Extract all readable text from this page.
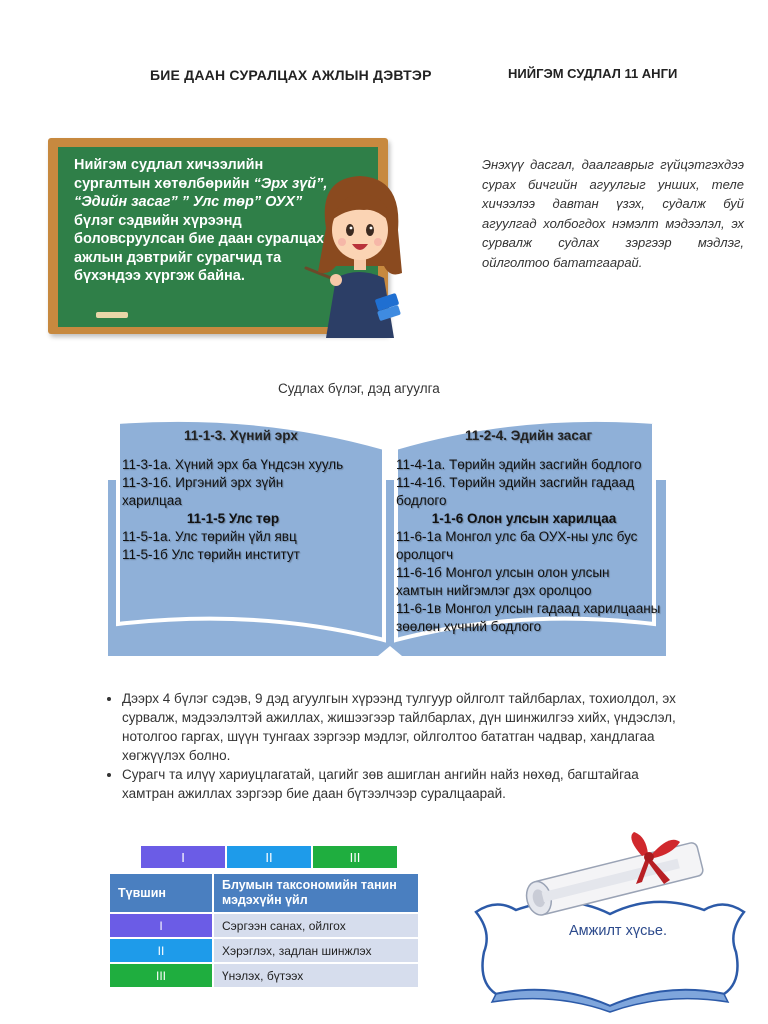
БИЕ ДААН СУРАЛЦАХ АЖЛЫН ДЭВТЭР	НИЙГЭМ СУДЛАЛ 11 АНГИ
Нийгэм судлал хичээлийн сургалтын хөтөлбөрийн “Эрх зүй”, “Эдийн засаг” ” Улс төр” ОУХ” бүлэг сэдвийн хүрээнд боловсруулсан бие даан суралцах ажлын дэвтрийг сурагчид та бүхэндээ хүргэж байна.
Энэхүү дасгал, даалгаврыг гүйцэтгэхдээ сурах бичгийн агуулгыг унших, теле хичээлээ давтан үзэх, судалж буй агуулгад холбогдох нэмэлт мэдээлэл, эх сурвалж судлах зэргээр мэдлэг, ойлголтоо бататгаарай.
Судлах бүлэг, дэд агуулга
11-1-3. Хүний эрх	11-2-4. Эдийн засаг
11-3-1а. Хүний эрх ба Үндсэн хууль
11-3-1б. Иргэний эрх зүйн харилцаа
11-1-5 Улс төр
11-5-1а. Улс төрийн үйл явц
11-5-1б Улс төрийн институт
11-4-1а. Төрийн эдийн засгийн бодлого
11-4-1б. Төрийн эдийн засгийн гадаад бодлого
1-1-6 Олон улсын харилцаа
11-6-1а Монгол улс ба ОУХ-ны улс бус оролцогч
11-6-1б Монгол улсын олон улсын хамтын нийгэмлэг дэх оролцоо
11-6-1в Монгол улсын гадаад харилцааны зөөлөн хүчний бодлого
• Дээрх 4 бүлэг сэдэв, 9 дэд агуулгын хүрээнд тулгуур ойлголт тайлбарлах, тохиолдол, эх сурвалж, мэдээлэлтэй ажиллах, жишээгээр тайлбарлах, дүн шинжилгээ хийх, үндэслэл, нотолгоо гаргах, шүүн тунгаах зэргээр мэдлэг, ойлголтоо бататган чадвар, хандлагаа хөгжүүлэх болно.
• Сурагч та илүү хариуцлагатай, цагийг зөв ашиглан ангийн найз нөхөд, багштайгаа хамтран ажиллах зэргээр бие даан бүтээлчээр суралцаарай.
I	II	III
Түвшин	Блумын таксономийн танин мэдэхүйн үйл
I	Сэргээн санах, ойлгох
II	Хэрэглэх, задлан шинжлэх
III	Үнэлэх, бүтээх
Амжилт хүсье.
